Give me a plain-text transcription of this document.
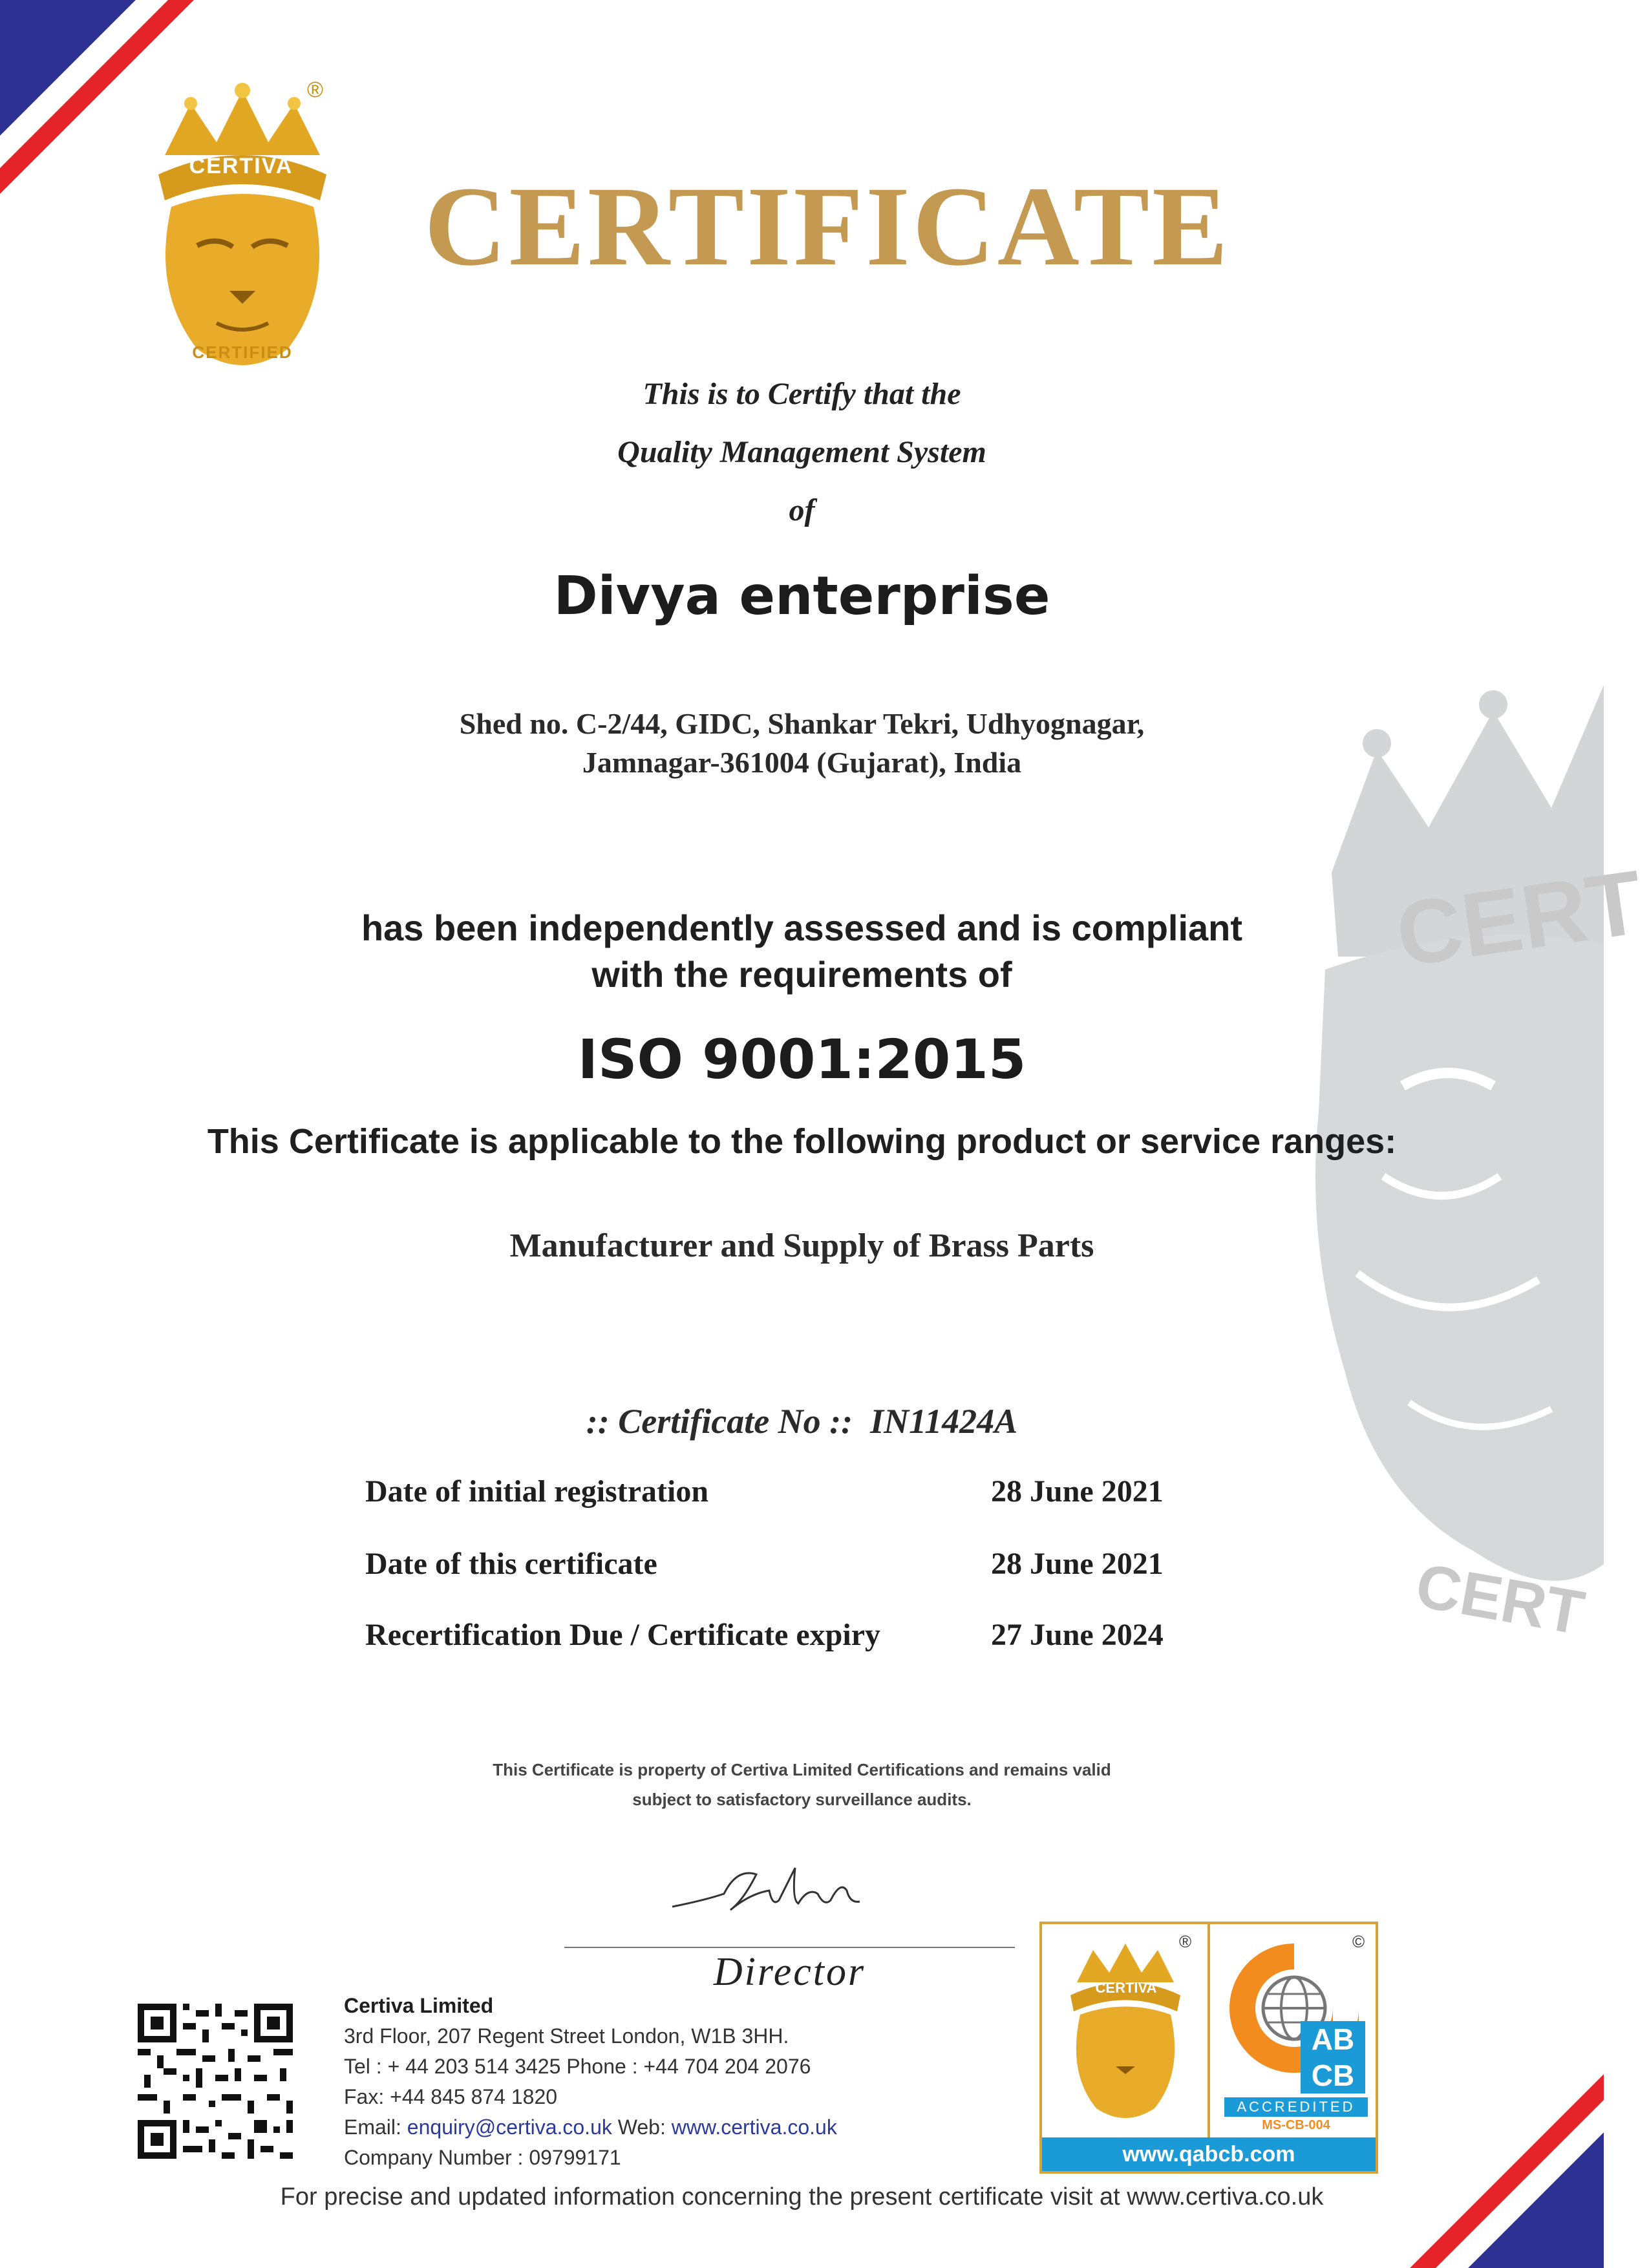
CERT
CERT
CERTIVA
CERTIFIED
®
CERTIFICATE
This is to Certify that the
Quality Management System
of
Divya enterprise
Shed no. C-2/44, GIDC, Shankar Tekri, Udhyognagar,
Jamnagar-361004 (Gujarat), India
has been independently assessed and is compliant
with the requirements of
ISO 9001:2015
This Certificate is applicable to the following product or service ranges:
Manufacturer and Supply of Brass Parts
:: Certificate No :: IN11424A
Date of initial registration	28 June 2021
Date of this certificate	28 June 2021
Recertification Due / Certificate expiry	27 June 2024
This Certificate is property of Certiva Limited Certifications and remains valid
subject to satisfactory surveillance audits.
Director
Certiva Limited
3rd Floor, 207 Regent Street London, W1B 3HH.
Tel : + 44 203 514 3425 Phone : +44 704 204 2076
Fax: +44 845 874 1820
Email: enquiry@certiva.co.uk Web: www.certiva.co.uk
Company Number : 09799171
CERTIVA
®	©
AB
CB
ACCREDITED
MS-CB-004
www.qabcb.com
For precise and updated information concerning the present certificate visit at www.certiva.co.uk
